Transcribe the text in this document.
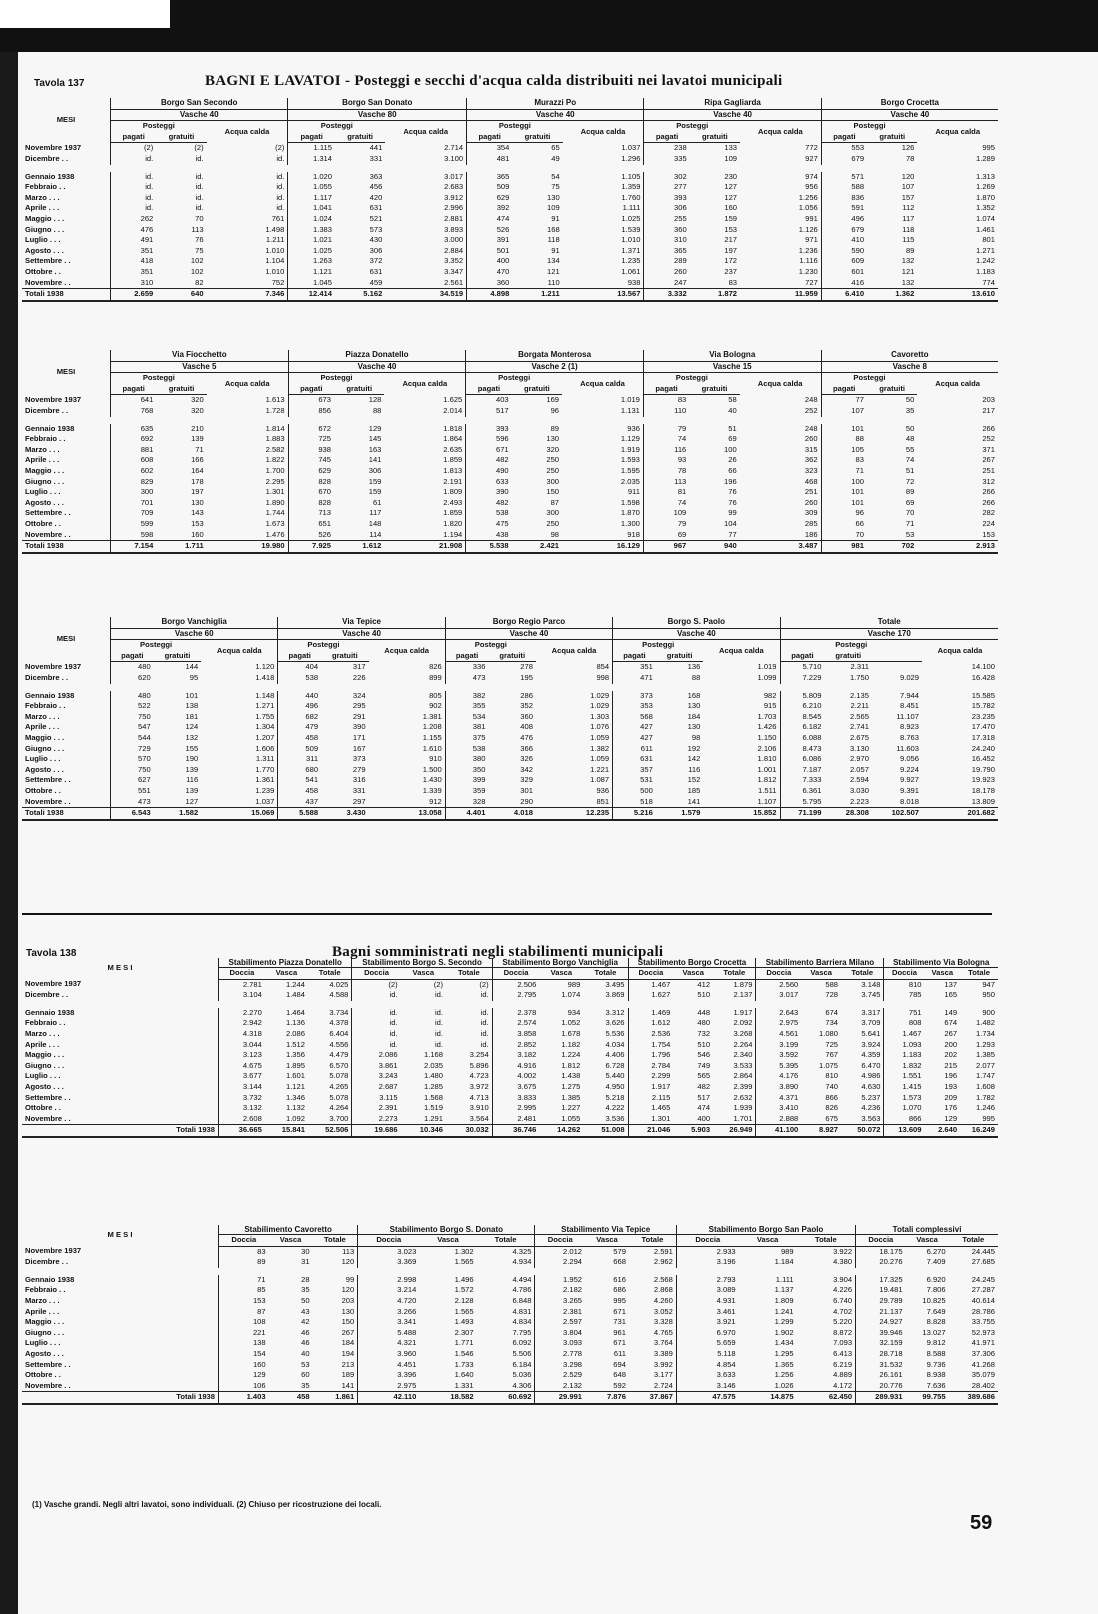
Tavola 137	BAGNI E LAVATOI - Posteggi e secchi d'acqua calda distribuiti nei lavatoi municipali
MESI	Borgo San Secondo			Borgo San Donato			Murazzi Po			Ripa Gagliarda			Borgo Crocetta		
	Vasche 40			Vasche 80			Vasche 40			Vasche 40			Vasche 40		
	Posteggi		Acqua calda	Posteggi		Acqua calda	Posteggi		Acqua calda	Posteggi		Acqua calda	Posteggi		Acqua calda
	pagati	gratuiti		pagati	gratuiti		pagati	gratuiti		pagati	gratuiti		pagati	gratuiti	
Novembre 1937	(2)	(2)	(2)	1.115	441	2.714	354	65	1.037	238	133	772	553	126	995
Dicembre . .	id.	id.	id.	1.314	331	3.100	481	49	1.296	335	109	927	679	78	1.289

Gennaio 1938	id.	id.	id.	1.020	363	3.017	365	54	1.105	302	230	974	571	120	1.313
Febbraio . .	id.	id.	id.	1.055	456	2.683	509	75	1.359	277	127	956	588	107	1.269
Marzo . . .	id.	id.	id.	1.117	420	3.912	629	130	1.760	393	127	1.256	836	157	1.870
Aprile . . .	id.	id.	id.	1.041	631	2.996	392	109	1.111	306	160	1.056	591	112	1.352
Maggio . . .	262	70	761	1.024	521	2.881	474	91	1.025	255	159	991	496	117	1.074
Giugno . . .	476	113	1.498	1.383	573	3.893	526	168	1.539	360	153	1.126	679	118	1.461
Luglio . . .	491	76	1.211	1.021	430	3.000	391	118	1.010	310	217	971	410	115	801
Agosto . . .	351	75	1.010	1.025	306	2.884	501	91	1.371	365	197	1.236	590	89	1.271
Settembre . .	418	102	1.104	1.263	372	3.352	400	134	1.235	289	172	1.116	609	132	1.242
Ottobre . .	351	102	1.010	1.121	631	3.347	470	121	1.061	260	237	1.230	601	121	1.183
Novembre . .	310	82	752	1.045	459	2.561	360	110	938	247	83	727	416	132	774
Totali 1938	2.659	640	7.346	12.414	5.162	34.519	4.898	1.211	13.567	3.332	1.872	11.959	6.410	1.362	13.610
MESI	Via Fiocchetto			Piazza Donatello			Borgata Monterosa			Via Bologna			Cavoretto		
	Vasche 5			Vasche 40			Vasche 2 (1)			Vasche 15			Vasche 8		
	Posteggi		Acqua calda	Posteggi		Acqua calda	Posteggi		Acqua calda	Posteggi		Acqua calda	Posteggi		Acqua calda
	pagati	gratuiti		pagati	gratuiti		pagati	gratuiti		pagati	gratuiti		pagati	gratuiti	
Novembre 1937	641	320	1.613	673	128	1.625	403	169	1.019	83	58	248	77	50	203
Dicembre . .	768	320	1.728	856	88	2.014	517	96	1.131	110	40	252	107	35	217

Gennaio 1938	635	210	1.814	672	129	1.818	393	89	936	79	51	248	101	50	266
Febbraio . .	692	139	1.883	725	145	1.864	596	130	1.129	74	69	260	88	48	252
Marzo . . .	881	71	2.582	938	163	2.635	671	320	1.919	116	100	315	105	55	371
Aprile . . .	608	166	1.822	745	141	1.859	482	250	1.593	93	26	362	83	74	267
Maggio . . .	602	164	1.700	629	306	1.813	490	250	1.595	78	66	323	71	51	251
Giugno . . .	829	178	2.295	828	159	2.191	633	300	2.035	113	196	468	100	72	312
Luglio . . .	300	197	1.301	670	159	1.809	390	150	911	81	76	251	101	89	266
Agosto . . .	701	130	1.890	828	61	2.493	482	87	1.598	74	76	260	101	69	266
Settembre . .	709	143	1.744	713	117	1.859	538	300	1.870	109	99	309	96	70	282
Ottobre . .	599	153	1.673	651	148	1.820	475	250	1.300	79	104	285	66	71	224
Novembre . .	598	160	1.476	526	114	1.194	438	98	918	69	77	186	70	53	153
Totali 1938	7.154	1.711	19.980	7.925	1.612	21.908	5.538	2.421	16.129	967	940	3.487	981	702	2.913
MESI	Borgo Vanchiglia			Via Tepice			Borgo Regio Parco			Borgo S. Paolo			Totale			
	Vasche 60			Vasche 40			Vasche 40			Vasche 40			Vasche 170			
	Posteggi		Acqua calda	Posteggi		Acqua calda	Posteggi		Acqua calda	Posteggi		Acqua calda	Posteggi			Acqua calda
	pagati	gratuiti		pagati	gratuiti		pagati	gratuiti		pagati	gratuiti		pagati	gratuiti		
Novembre 1937	480	144	1.120	404	317	826	336	278	854	351	136	1.019	5.710	2.311		14.100
Dicembre . .	620	95	1.418	538	226	899	473	195	998	471	88	1.099	7.229	1.750	9.029	16.428

Gennaio 1938	480	101	1.148	440	324	805	382	286	1.029	373	168	982	5.809	2.135	7.944	15.585
Febbraio . .	522	138	1.271	496	295	902	355	352	1.029	353	130	915	6.210	2.211	8.451	15.782
Marzo . . .	750	181	1.755	682	291	1.381	534	360	1.303	568	184	1.703	8.545	2.565	11.107	23.235
Aprile . . .	547	124	1.304	479	390	1.208	381	408	1.076	427	130	1.426	6.182	2.741	8.923	17.470
Maggio . . .	544	132	1.207	458	171	1.155	375	476	1.059	427	98	1.150	6.088	2.675	8.763	17.318
Giugno . . .	729	155	1.606	509	167	1.610	538	366	1.382	611	192	2.106	8.473	3.130	11.603	24.240
Luglio . . .	570	190	1.311	311	373	910	380	326	1.059	631	142	1.810	6.086	2.970	9.056	16.452
Agosto . . .	750	139	1.770	680	279	1.500	350	342	1.221	357	116	1.001	7.187	2.057	9.224	19.790
Settembre . .	627	116	1.361	541	316	1.430	399	329	1.087	531	152	1.812	7.333	2.594	9.927	19.923
Ottobre . .	551	139	1.239	458	331	1.339	359	301	936	500	185	1.511	6.361	3.030	9.391	18.178
Novembre . .	473	127	1.037	437	297	912	328	290	851	518	141	1.107	5.795	2.223	8.018	13.809
Totali 1938	6.543	1.582	15.069	5.588	3.430	13.058	4.401	4.018	12.235	5.216	1.579	15.852	71.199	28.308	102.507	201.682
Tavola 138	Bagni somministrati negli stabilimenti municipali
M E S I	Stabilimento Piazza Donatello			Stabilimento Borgo S. Secondo			Stabilimento Borgo Vanchiglia			Stabilimento Borgo Crocetta			Stabilimento Barriera Milano			Stabilimento Via Bologna		
	Doccia	Vasca	Totale	Doccia	Vasca	Totale	Doccia	Vasca	Totale	Doccia	Vasca	Totale	Doccia	Vasca	Totale	Doccia	Vasca	Totale
Novembre 1937	2.781	1.244	4.025	(2)	(2)	(2)	2.506	989	3.495	1.467	412	1.879	2.560	588	3.148	810	137	947
Dicembre . .	3.104	1.484	4.588	id.	id.	id.	2.795	1.074	3.869	1.627	510	2.137	3.017	728	3.745	785	165	950

Gennaio 1938	2.270	1.464	3.734	id.	id.	id.	2.378	934	3.312	1.469	448	1.917	2.643	674	3.317	751	149	900
Febbraio . .	2.942	1.136	4.378	id.	id.	id.	2.574	1.052	3.626	1.612	480	2.092	2.975	734	3.709	808	674	1.482
Marzo . . .	4.318	2.086	6.404	id.	id.	id.	3.858	1.678	5.536	2.536	732	3.268	4.561	1.080	5.641	1.467	267	1.734
Aprile . . .	3.044	1.512	4.556	id.	id.	id.	2.852	1.182	4.034	1.754	510	2.264	3.199	725	3.924	1.093	200	1.293
Maggio . . .	3.123	1.356	4.479	2.086	1.168	3.254	3.182	1.224	4.406	1.796	546	2.340	3.592	767	4.359	1.183	202	1.385
Giugno . . .	4.675	1.895	6.570	3.861	2.035	5.896	4.916	1.812	6.728	2.784	749	3.533	5.395	1.075	6.470	1.832	215	2.077
Luglio . . .	3.677	1.601	5.078	3.243	1.480	4.723	4.002	1.438	5.440	2.299	565	2.864	4.176	810	4.986	1.551	196	1.747
Agosto . . .	3.144	1.121	4.265	2.687	1.285	3.972	3.675	1.275	4.950	1.917	482	2.399	3.890	740	4.630	1.415	193	1.608
Settembre . .	3.732	1.346	5.078	3.115	1.568	4.713	3.833	1.385	5.218	2.115	517	2.632	4.371	866	5.237	1.573	209	1.782
Ottobre . .	3.132	1.132	4.264	2.391	1.519	3.910	2.995	1.227	4.222	1.465	474	1.939	3.410	826	4.236	1.070	176	1.246
Novembre . .	2.608	1.092	3.700	2.273	1.291	3.564	2.481	1.055	3.536	1.301	400	1.701	2.888	675	3.563	866	129	995
Totali 1938	36.665	15.841	52.506	19.686	10.346	30.032	36.746	14.262	51.008	21.046	5.903	26.949	41.100	8.927	50.072	13.609	2.640	16.249
M E S I	Stabilimento Cavoretto			Stabilimento Borgo S. Donato			Stabilimento Via Tepice			Stabilimento Borgo San Paolo			Totali complessivi		
	Doccia	Vasca	Totale	Doccia	Vasca	Totale	Doccia	Vasca	Totale	Doccia	Vasca	Totale	Doccia	Vasca	Totale
Novembre 1937	83	30	113	3.023	1.302	4.325	2.012	579	2.591	2.933	989	3.922	18.175	6.270	24.445
Dicembre . .	89	31	120	3.369	1.565	4.934	2.294	668	2.962	3.196	1.184	4.380	20.276	7.409	27.685

Gennaio 1938	71	28	99	2.998	1.496	4.494	1.952	616	2.568	2.793	1.111	3.904	17.325	6.920	24.245
Febbraio . .	85	35	120	3.214	1.572	4.786	2.182	686	2.868	3.089	1.137	4.226	19.481	7.806	27.287
Marzo . . .	153	50	203	4.720	2.128	6.848	3.265	995	4.260	4.931	1.809	6.740	29.789	10.825	40.614
Aprile . . .	87	43	130	3.266	1.565	4.831	2.381	671	3.052	3.461	1.241	4.702	21.137	7.649	28.786
Maggio . . .	108	42	150	3.341	1.493	4.834	2.597	731	3.328	3.921	1.299	5.220	24.927	8.828	33.755
Giugno . . .	221	46	267	5.488	2.307	7.795	3.804	961	4.765	6.970	1.902	8.872	39.946	13.027	52.973
Luglio . . .	138	46	184	4.321	1.771	6.092	3.093	671	3.764	5.659	1.434	7.093	32.159	9.812	41.971
Agosto . . .	154	40	194	3.960	1.546	5.506	2.778	611	3.389	5.118	1.295	6.413	28.718	8.588	37.306
Settembre . .	160	53	213	4.451	1.733	6.184	3.298	694	3.992	4.854	1.365	6.219	31.532	9.736	41.268
Ottobre . .	129	60	189	3.396	1.640	5.036	2.529	648	3.177	3.633	1.256	4.889	26.161	8.938	35.079
Novembre . .	106	35	141	2.975	1.331	4.306	2.132	592	2.724	3.146	1.026	4.172	20.776	7.636	28.402
Totali 1938	1.403	458	1.861	42.110	18.582	60.692	29.991	7.876	37.867	47.575	14.875	62.450	289.931	99.755	389.686
(1) Vasche grandi. Negli altri lavatoi, sono individuali. (2) Chiuso per ricostruzione dei locali.
59
